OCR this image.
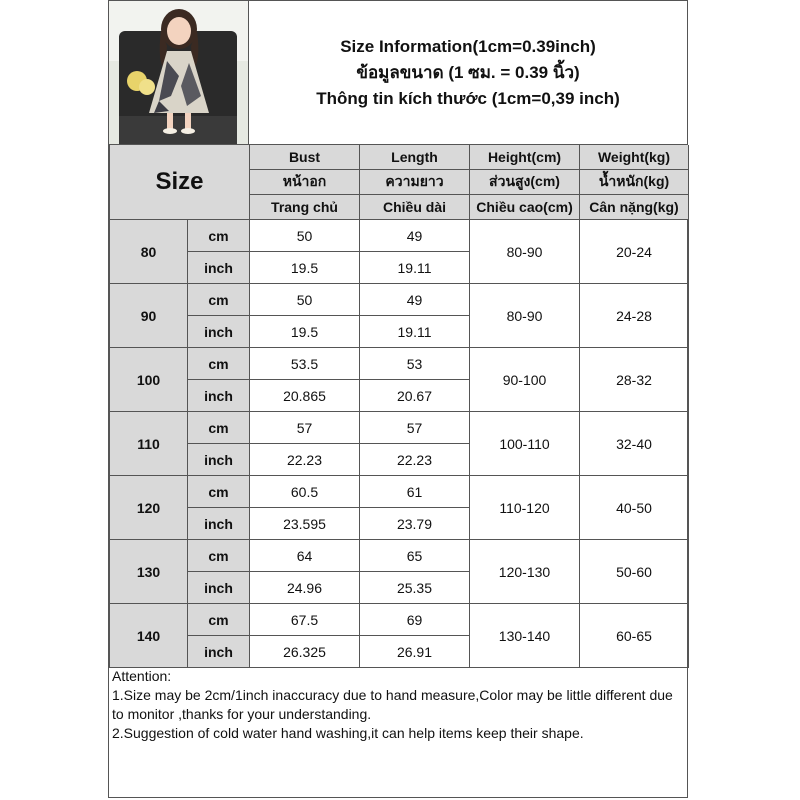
Size Information(1cm=0.39inch)
ข้อมูลขนาด (1 ซม. = 0.39 นิ้ว)
Thông tin kích thước (1cm=0,39 inch)
Size		Bust	Length	Height(cm)	Weight(kg)
		หน้าอก	ความยาว	ส่วนสูง(cm)	น้ำหนัก(kg)
		Trang chủ	Chiều dài	Chiều cao(cm)	Cân nặng(kg)
80	cm	50	49	80-90	20-24
	inch	19.5	19.11		
90	cm	50	49	80-90	24-28
	inch	19.5	19.11		
100	cm	53.5	53	90-100	28-32
	inch	20.865	20.67		
110	cm	57	57	100-110	32-40
	inch	22.23	22.23		
120	cm	60.5	61	110-120	40-50
	inch	23.595	23.79		
130	cm	64	65	120-130	50-60
	inch	24.96	25.35		
140	cm	67.5	69	130-140	60-65
	inch	26.325	26.91		
Attention:
1.Size may be 2cm/1inch inaccuracy due to hand measure,Color may be little different due to monitor ,thanks for your understanding.
2.Suggestion of cold water hand washing,it can help items keep their shape.
